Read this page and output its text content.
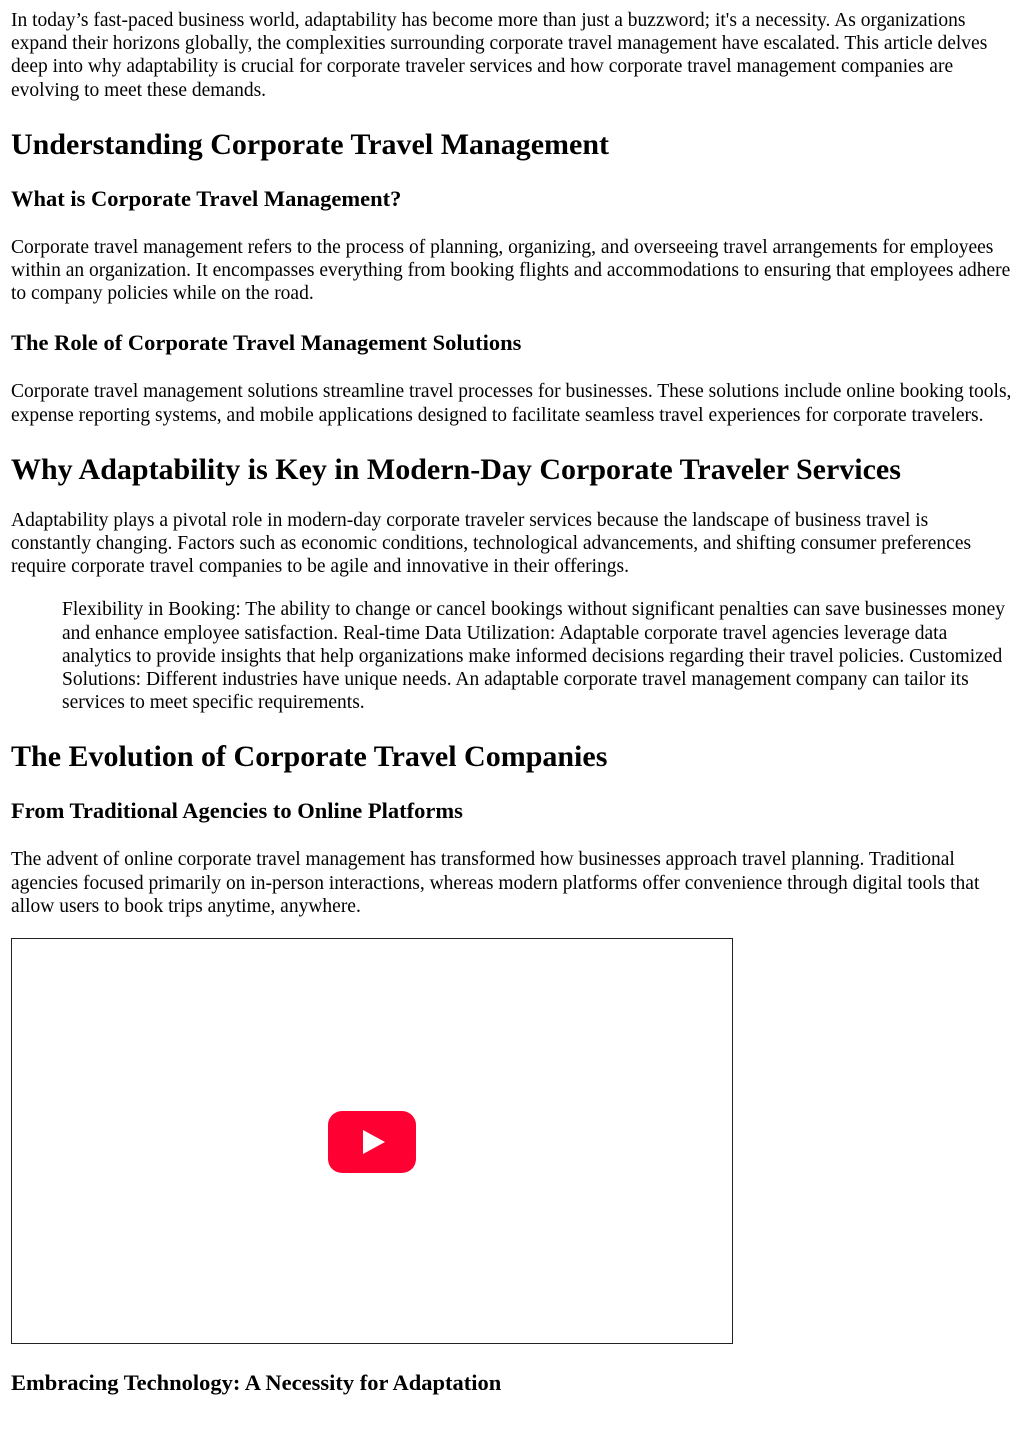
In today’s fast-paced business world, adaptability has become more than just a buzzword; it's a necessity. As organizations expand their horizons globally, the complexities surrounding corporate travel management have escalated. This article delves deep into why adaptability is crucial for corporate traveler services and how corporate travel management companies are evolving to meet these demands.

Understanding Corporate Travel Management
What is Corporate Travel Management?

Corporate travel management refers to the process of planning, organizing, and overseeing travel arrangements for employees within an organization. It encompasses everything from booking flights and accommodations to ensuring that employees adhere to company policies while on the road.

The Role of Corporate Travel Management Solutions

Corporate travel management solutions streamline travel processes for businesses. These solutions include online booking tools, expense reporting systems, and mobile applications designed to facilitate seamless travel experiences for corporate travelers.

Why Adaptability is Key in Modern-Day Corporate Traveler Services

Adaptability plays a pivotal role in modern-day corporate traveler services because the landscape of business travel is constantly changing. Factors such as economic conditions, technological advancements, and shifting consumer preferences require corporate travel companies to be agile and innovative in their offerings.

Flexibility in Booking: The ability to change or cancel bookings without significant penalties can save businesses money and enhance employee satisfaction. Real-time Data Utilization: Adaptable corporate travel agencies leverage data analytics to provide insights that help organizations make informed decisions regarding their travel policies. Customized Solutions: Different industries have unique needs. An adaptable corporate travel management company can tailor its services to meet specific requirements.
The Evolution of Corporate Travel Companies
From Traditional Agencies to Online Platforms

The advent of online corporate travel management has transformed how businesses approach travel planning. Traditional agencies focused primarily on in-person interactions, whereas modern platforms offer convenience through digital tools that allow users to book trips anytime, anywhere.

Embracing Technology: A Necessity for Adaptation
